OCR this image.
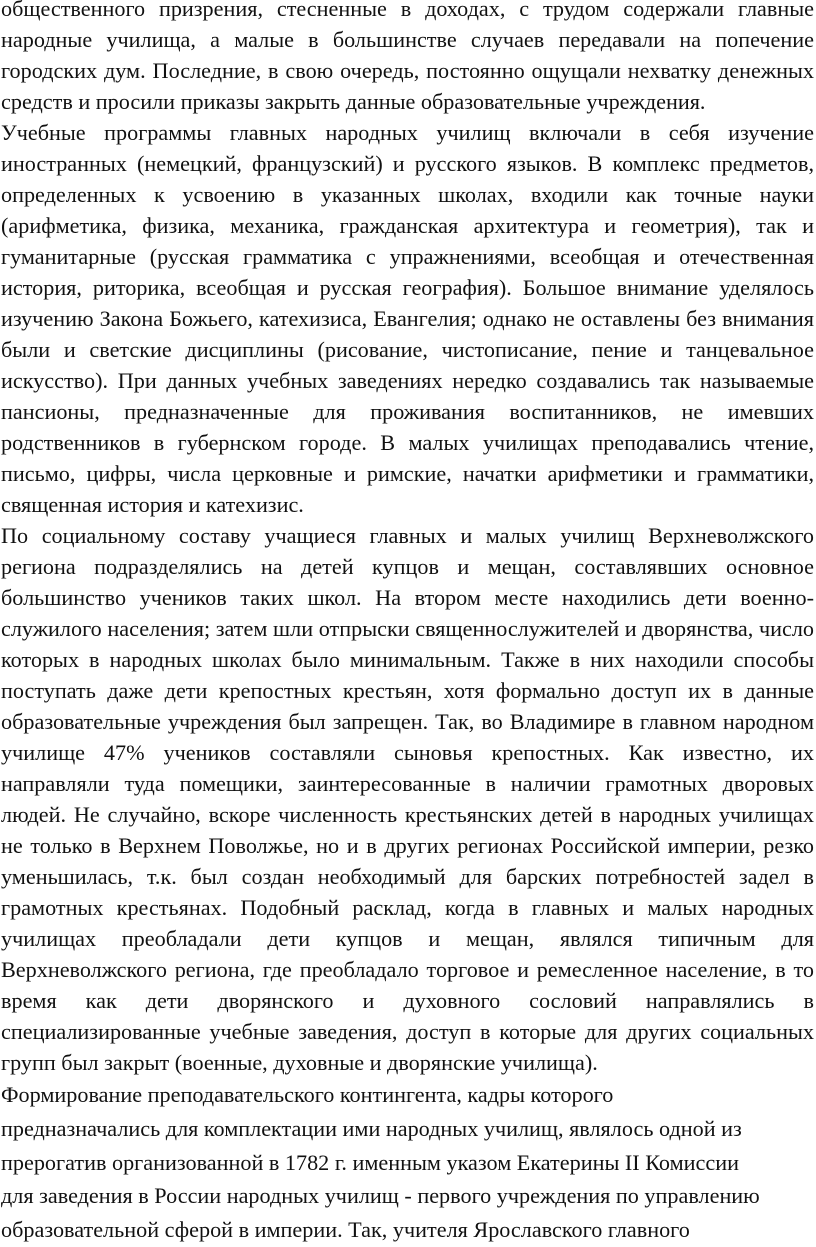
общественного призрения, стесненные в доходах, с трудом содержали главные народные училища, а малые в большинстве случаев передавали на попечение городских дум. Последние, в свою очередь, постоянно ощущали нехватку денежных средств и просили приказы закрыть данные образовательные учреждения.

Учебные программы главных народных училищ включали в себя изучение иностранных (немецкий, французский) и русского языков. В комплекс предметов, определенных к усвоению в указанных школах, входили как точные науки (арифметика, физика, механика, гражданская архитектура и геометрия), так и гуманитарные (русская грамматика с упражнениями, всеобщая и отечественная история, риторика, всеобщая и русская география). Большое внимание уделялось изучению Закона Божьего, катехизиса, Евангелия; однако не оставлены без внимания были и светские дисциплины (рисование, чистописание, пение и танцевальное искусство). При данных учебных заведениях нередко создавались так называемые пансионы, предназначенные для проживания воспитанников, не имевших родственников в губернском городе. В малых училищах преподавались чтение, письмо, цифры, числа церковные и римские, начатки арифметики и грамматики, священная история и катехизис.

По социальному составу учащиеся главных и малых училищ Верхневолжского региона подразделялись на детей купцов и мещан, составлявших основное большинство учеников таких школ. На втором месте находились дети военно-служилого населения; затем шли отпрыски священнослужителей и дворянства, число которых в народных школах было минимальным. Также в них находили способы поступать даже дети крепостных крестьян, хотя формально доступ их в данные образовательные учреждения был запрещен. Так, во Владимире в главном народном училище 47% учеников составляли сыновья крепостных. Как известно, их направляли туда помещики, заинтересованные в наличии грамотных дворовых людей. Не случайно, вскоре численность крестьянских детей в народных училищах не только в Верхнем Поволжье, но и в других регионах Российской империи, резко уменьшилась, т.к. был создан необходимый для барских потребностей задел в грамотных крестьянах. Подобный расклад, когда в главных и малых народных училищах преобладали дети купцов и мещан, являлся типичным для Верхневолжского региона, где преобладало торговое и ремесленное население, в то время как дети дворянского и духовного сословий направлялись в специализированные учебные заведения, доступ в которые для других социальных групп был закрыт (военные, духовные и дворянские училища).

Формирование преподавательского контингента, кадры которого
предназначались для комплектации ими народных училищ, являлось одной из
прерогатив организованной в 1782 г. именным указом Екатерины II Комиссии
для заведения в России народных училищ - первого учреждения по управлению
образовательной сферой в империи. Так, учителя Ярославского главного
